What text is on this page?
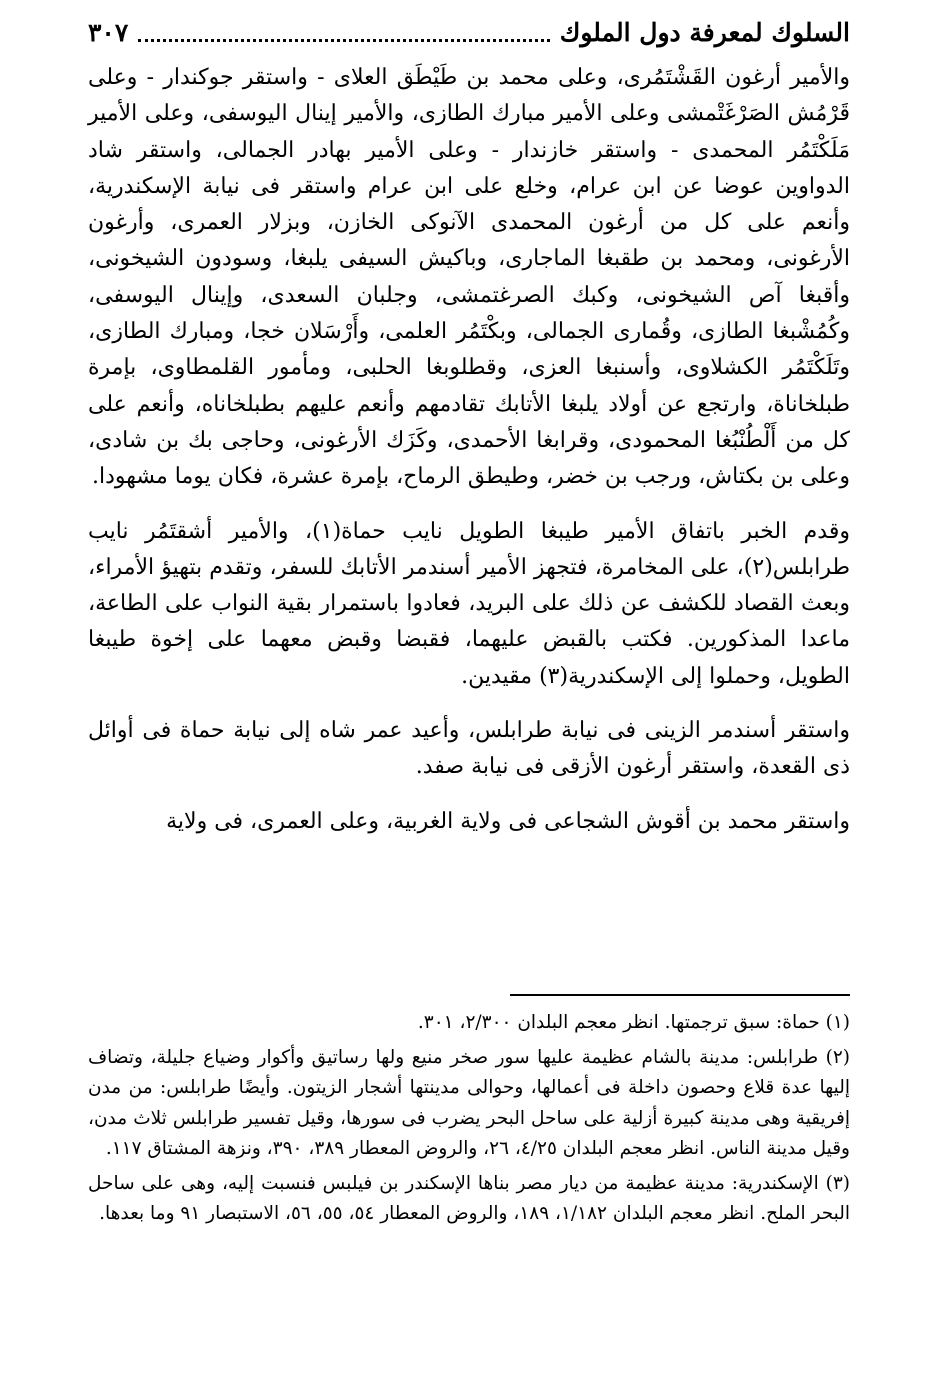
السلوك لمعرفة دول الملوك
٣٠٧

والأمير أرغون القَشْتَمُرى، وعلى محمد بن طَيْطَق العلاى - واستقر جوكندار - وعلى قَرْمُش الصَرْغَتْمشى وعلى الأمير مبارك الطازى، والأمير إينال اليوسفى، وعلى الأمير مَلَكْتَمُر المحمدى - واستقر خازندار - وعلى الأمير بهادر الجمالى، واستقر شاد الدواوين عوضا عن ابن عرام، وخلع على ابن عرام واستقر فى نيابة الإسكندرية، وأنعم على كل من أرغون المحمدى الآنوكى الخازن، وبزلار العمرى، وأرغون الأرغونى، ومحمد بن طقبغا الماجارى، وباكيش السيفى يلبغا، وسودون الشيخونى، وأقبغا آص الشيخونى، وكبك الصرغتمشى، وجلبان السعدى، وإينال اليوسفى، وكُمُشْبغا الطازى، وقُمارى الجمالى، وبكْتَمُر العلمى، وأَرْسَلان خجا، ومبارك الطازى، وتَلَكْتَمُر الكشلاوى، وأسنبغا العزى، وقطلوبغا الحلبى، ومأمور القلمطاوى، بإمرة طبلخاناة، وارتجع عن أولاد يلبغا الأتابك تقادمهم وأنعم عليهم بطبلخاناه، وأنعم على كل من أَلْطُنْبُغا المحمودى، وقرابغا الأحمدى، وكَزَك الأرغونى، وحاجى بك بن شادى، وعلى بن بكتاش، ورجب بن خضر، وطيطق الرماح، بإمرة عشرة، فكان يوما مشهودا.

وقدم الخبر باتفاق الأمير طيبغا الطويل نايب حماة(١)، والأمير أشقتَمُر نايب طرابلس(٢)، على المخامرة، فتجهز الأمير أسندمر الأتابك للسفر، وتقدم بتهيؤ الأمراء، وبعث القصاد للكشف عن ذلك على البريد، فعادوا باستمرار بقية النواب على الطاعة، ماعدا المذكورين. فكتب بالقبض عليهما، فقبضا وقبض معهما على إخوة طيبغا الطويل، وحملوا إلى الإسكندرية(٣) مقيدين.

واستقر أسندمر الزينى فى نيابة طرابلس، وأعيد عمر شاه إلى نيابة حماة فى أوائل ذى القعدة، واستقر أرغون الأزقى فى نيابة صفد.

واستقر محمد بن أقوش الشجاعى فى ولاية الغربية، وعلى العمرى، فى ولاية

(١) حماة: سبق ترجمتها. انظر معجم البلدان ٢/٣٠٠، ٣٠١.

(٢) طرابلس: مدينة بالشام عظيمة عليها سور صخر منيع ولها رساتيق وأكوار وضياع جليلة، وتضاف إليها عدة قلاع وحصون داخلة فى أعمالها، وحوالى مدينتها أشجار الزيتون. وأيضًا طرابلس: من مدن إفريقية وهى مدينة كبيرة أزلية على ساحل البحر يضرب فى سورها، وقيل تفسير طرابلس ثلاث مدن، وقيل مدينة الناس. انظر معجم البلدان ٤/٢٥، ٢٦، والروض المعطار ٣٨٩، ٣٩٠، ونزهة المشتاق ١١٧.

(٣) الإسكندرية: مدينة عظيمة من ديار مصر بناها الإسكندر بن فيلبس فنسبت إليه، وهى على ساحل البحر الملح. انظر معجم البلدان ١/١٨٢، ١٨٩، والروض المعطار ٥٤، ٥٥، ٥٦، الاستبصار ٩١ وما بعدها.
